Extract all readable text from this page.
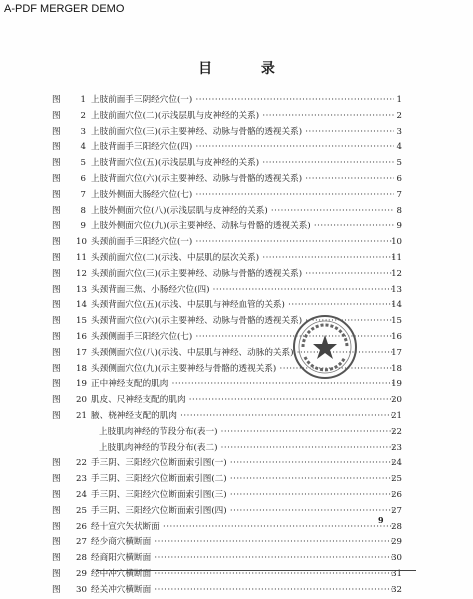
A-PDF MERGER DEMO
目 录
图	1 上肢前面手三阴经穴位(一) ·····	1
图	2 上肢前面穴位(二)(示浅层肌与皮神经的关系) ·····	2
图	3 上肢前面穴位(三)(示主要神经、动脉与骨骼的透视关系) ·····	3
图	4 上肢背面手三阳经穴位(四) ·····	4
图	5 上肢背面穴位(五)(示浅层肌与皮神经的关系) ·····	5
图	6 上肢背面穴位(六)(示主要神经、动脉与骨骼的透视关系) ·····	6
图	7 上肢外侧面大肠经穴位(七) ·····	7
图	8 上肢外侧面穴位(八)(示浅层肌与皮神经的关系) ·····	8
图	9 上肢外侧面穴位(九)(示主要神经、动脉与骨骼的透视关系) ·····	9
图 10 头颈前面手三阳经穴位(一) ·····	10
图 11 头颈前面穴位(二)(示浅、中层肌的层次关系) ·····	11
图 12 头颈前面穴位(三)(示主要神经、动脉与骨骼的透视关系) ·····	12
图 13 头颈背面三焦、小肠经穴位(四) ·····	13
图 14 头颈背面穴位(五)(示浅、中层肌与神经血管的关系) ·····	14
图 15 头颈背面穴位(六)(示主要神经、动脉与骨骼的透视关系) ·····	15
图 16 头颈侧面手三阳经穴位(七) ·····	16
图 17 头颈侧面穴位(八)(示浅、中层肌与神经、动脉的关系) ·····	17
图 18 头颈侧面穴位(九)(示主要神经与骨骼的透视关系) ·····	18
图 19 正中神经支配的肌肉 ·····	19
图 20 肌皮、尺神经支配的肌肉 ·····	20
图 21 腋、桡神经支配的肌肉 ·····	21
上肢肌肉神经的节段分布(表一) ·····	22
上肢肌肉神经的节段分布(表二) ·····	23
图 22 手三阴、三阳经穴位断面索引图(一) ·····	24
图 23 手三阴、三阳经穴位断面索引图(二) ·····	25
图 24 手三阴、三阳经穴位断面索引图(三) ·····	26
图 25 手三阴、三阳经穴位断面索引图(四) ·····	27
图 26 经十宣穴矢状断面 ·····	28
图 27 经少商穴横断面 ·····	29
图 28 经商阳穴横断面 ·····	30
图 29 经中冲穴横断面 ·····	31
图 30 经关冲穴横断面 ·····	32
9
